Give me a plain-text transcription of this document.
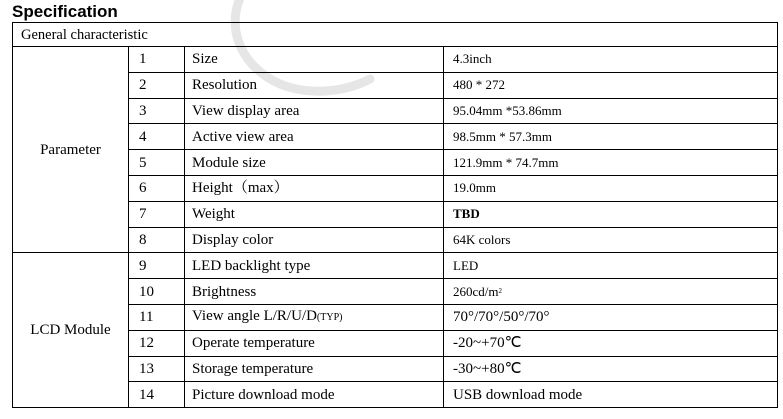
Specification
General characteristic			
Parameter	1	Size	4.3inch
	2	Resolution	480 * 272
	3	View display area	95.04mm *53.86mm
	4	Active view area	98.5mm * 57.3mm
	5	Module size	121.9mm * 74.7mm
	6	Height（max）	19.0mm
	7	Weight	TBD
	8	Display color	64K colors
LCD Module	9	LED backlight type	LED
	10	Brightness	$260cd/m^2$
	11	View angle L/R/U/D(TYP)	70°/70°/50°/70°
	12	Operate temperature	-20~+70℃
	13	Storage temperature	-30~+80℃
	14	Picture download mode	USB download mode
